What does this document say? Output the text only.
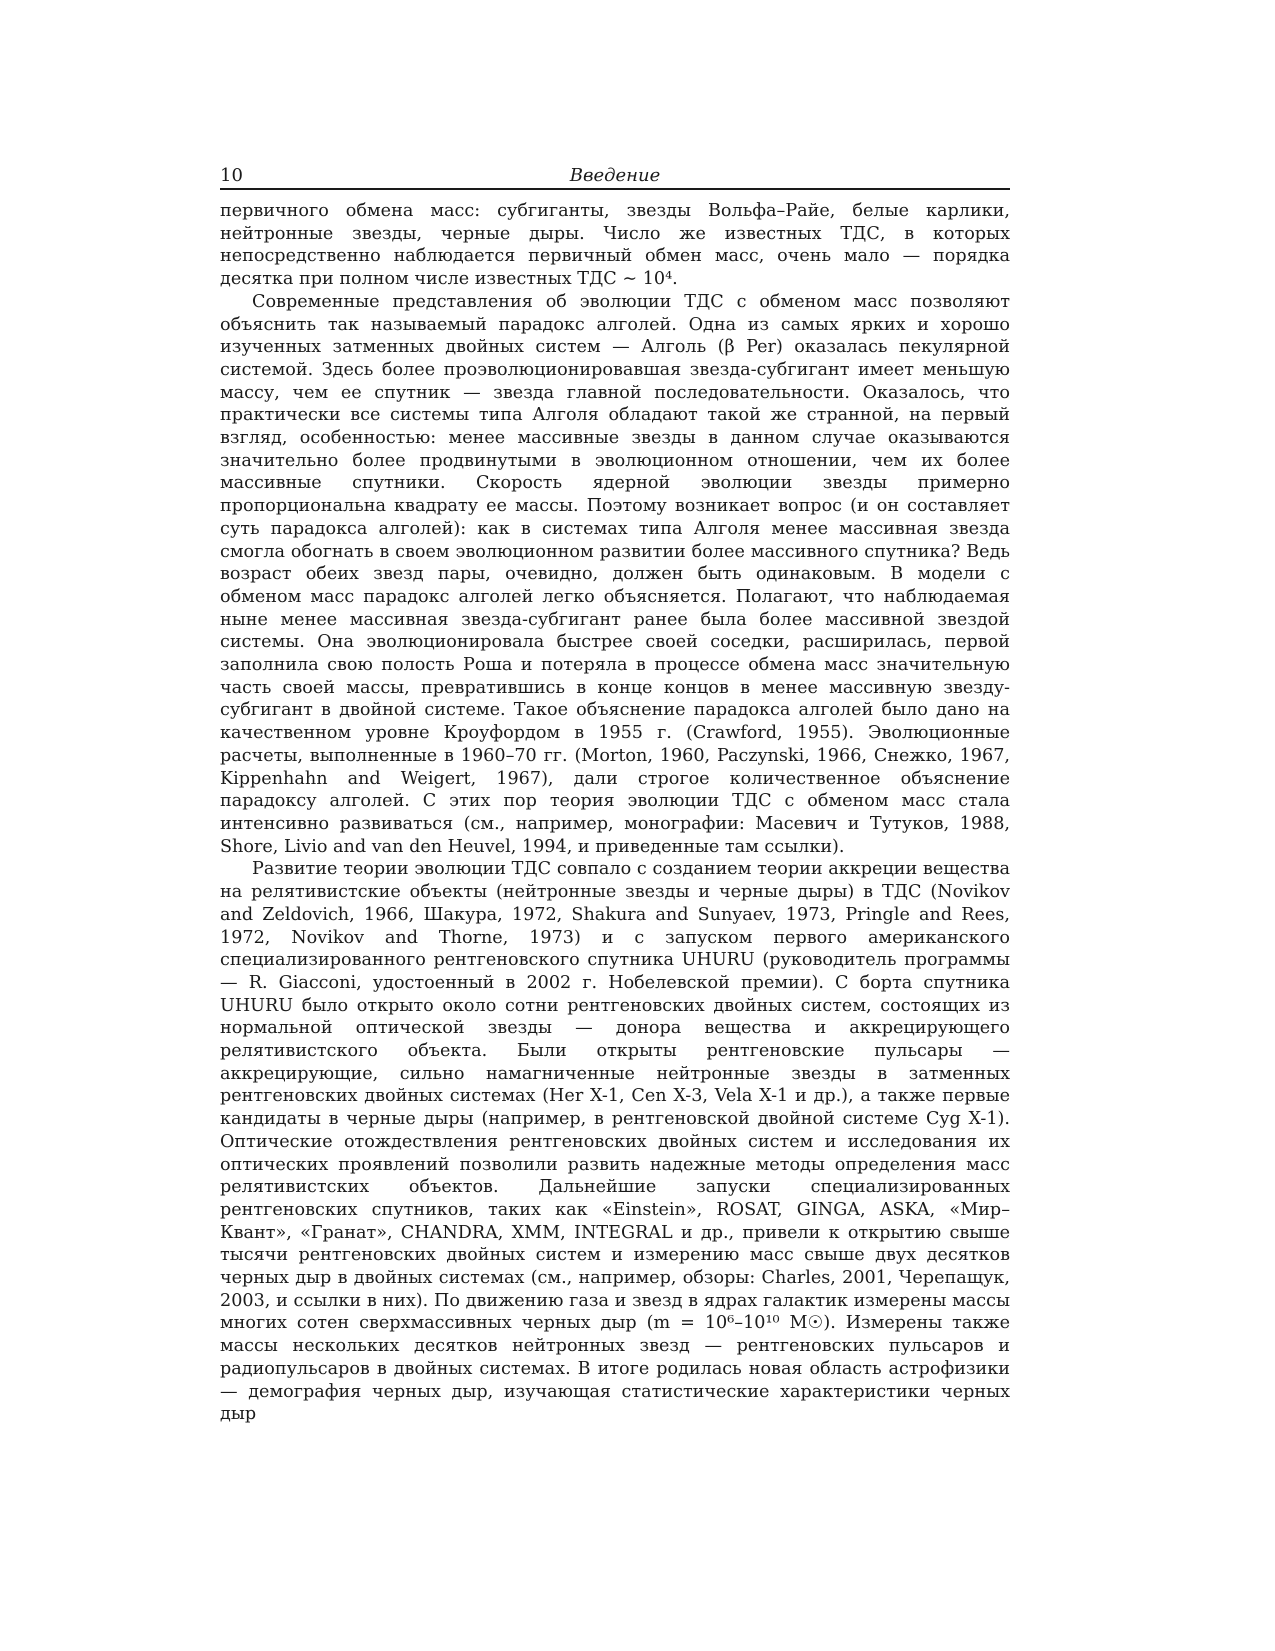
10	Введение

первичного обмена масс: субгиганты, звезды Вольфа–Райе, белые карлики, нейтронные звезды, черные дыры. Число же известных ТДС, в которых непосредственно наблюдается первичный обмен масс, очень мало — порядка десятка при полном числе известных ТДС ∼ 10⁴.

Современные представления об эволюции ТДС с обменом масс позволяют объяснить так называемый парадокс алголей. Одна из самых ярких и хорошо изученных затменных двойных систем — Алголь (β Per) оказалась пекулярной системой. Здесь более проэволюционировавшая звезда-субгигант имеет меньшую массу, чем ее спутник — звезда главной последовательности. Оказалось, что практически все системы типа Алголя обладают такой же странной, на первый взгляд, особенностью: менее массивные звезды в данном случае оказываются значительно более продвинутыми в эволюционном отношении, чем их более массивные спутники. Скорость ядерной эволюции звезды примерно пропорциональна квадрату ее массы. Поэтому возникает вопрос (и он составляет суть парадокса алголей): как в системах типа Алголя менее массивная звезда смогла обогнать в своем эволюционном развитии более массивного спутника? Ведь возраст обеих звезд пары, очевидно, должен быть одинаковым. В модели с обменом масс парадокс алголей легко объясняется. Полагают, что наблюдаемая ныне менее массивная звезда-субгигант ранее была более массивной звездой системы. Она эволюционировала быстрее своей соседки, расширилась, первой заполнила свою полость Роша и потеряла в процессе обмена масс значительную часть своей массы, превратившись в конце концов в менее массивную звезду-субгигант в двойной системе. Такое объяснение парадокса алголей было дано на качественном уровне Кроуфордом в 1955 г. (Crawford, 1955). Эволюционные расчеты, выполненные в 1960–70 гг. (Morton, 1960, Paczynski, 1966, Снежко, 1967, Kippenhahn and Weigert, 1967), дали строгое количественное объяснение парадоксу алголей. С этих пор теория эволюции ТДС с обменом масс стала интенсивно развиваться (см., например, монографии: Масевич и Тутуков, 1988, Shore, Livio and van den Heuvel, 1994, и приведенные там ссылки).

Развитие теории эволюции ТДС совпало с созданием теории аккреции вещества на релятивистские объекты (нейтронные звезды и черные дыры) в ТДС (Novikov and Zeldovich, 1966, Шакура, 1972, Shakura and Sunyaev, 1973, Pringle and Rees, 1972, Novikov and Thorne, 1973) и с запуском первого американского специализированного рентгеновского спутника UHURU (руководитель программы — R. Giacconi, удостоенный в 2002 г. Нобелевской премии). С борта спутника UHURU было открыто около сотни рентгеновских двойных систем, состоящих из нормальной оптической звезды — донора вещества и аккрецирующего релятивистского объекта. Были открыты рентгеновские пульсары — аккрецирующие, сильно намагниченные нейтронные звезды в затменных рентгеновских двойных системах (Her X-1, Cen X-3, Vela X-1 и др.), а также первые кандидаты в черные дыры (например, в рентгеновской двойной системе Cyg X-1). Оптические отождествления рентгеновских двойных систем и исследования их оптических проявлений позволили развить надежные методы определения масс релятивистских объектов. Дальнейшие запуски специализированных рентгеновских спутников, таких как «Einstein», ROSAT, GINGA, ASKA, «Мир–Квант», «Гранат», CHANDRA, XMM, INTEGRAL и др., привели к открытию свыше тысячи рентгеновских двойных систем и измерению масс свыше двух десятков черных дыр в двойных системах (см., например, обзоры: Charles, 2001, Черепащук, 2003, и ссылки в них). По движению газа и звезд в ядрах галактик измерены массы многих сотен сверхмассивных черных дыр (m = 10⁶–10¹⁰ M☉). Измерены также массы нескольких десятков нейтронных звезд — рентгеновских пульсаров и радиопульсаров в двойных системах. В итоге родилась новая область астрофизики — демография черных дыр, изучающая статистические характеристики черных дыр
